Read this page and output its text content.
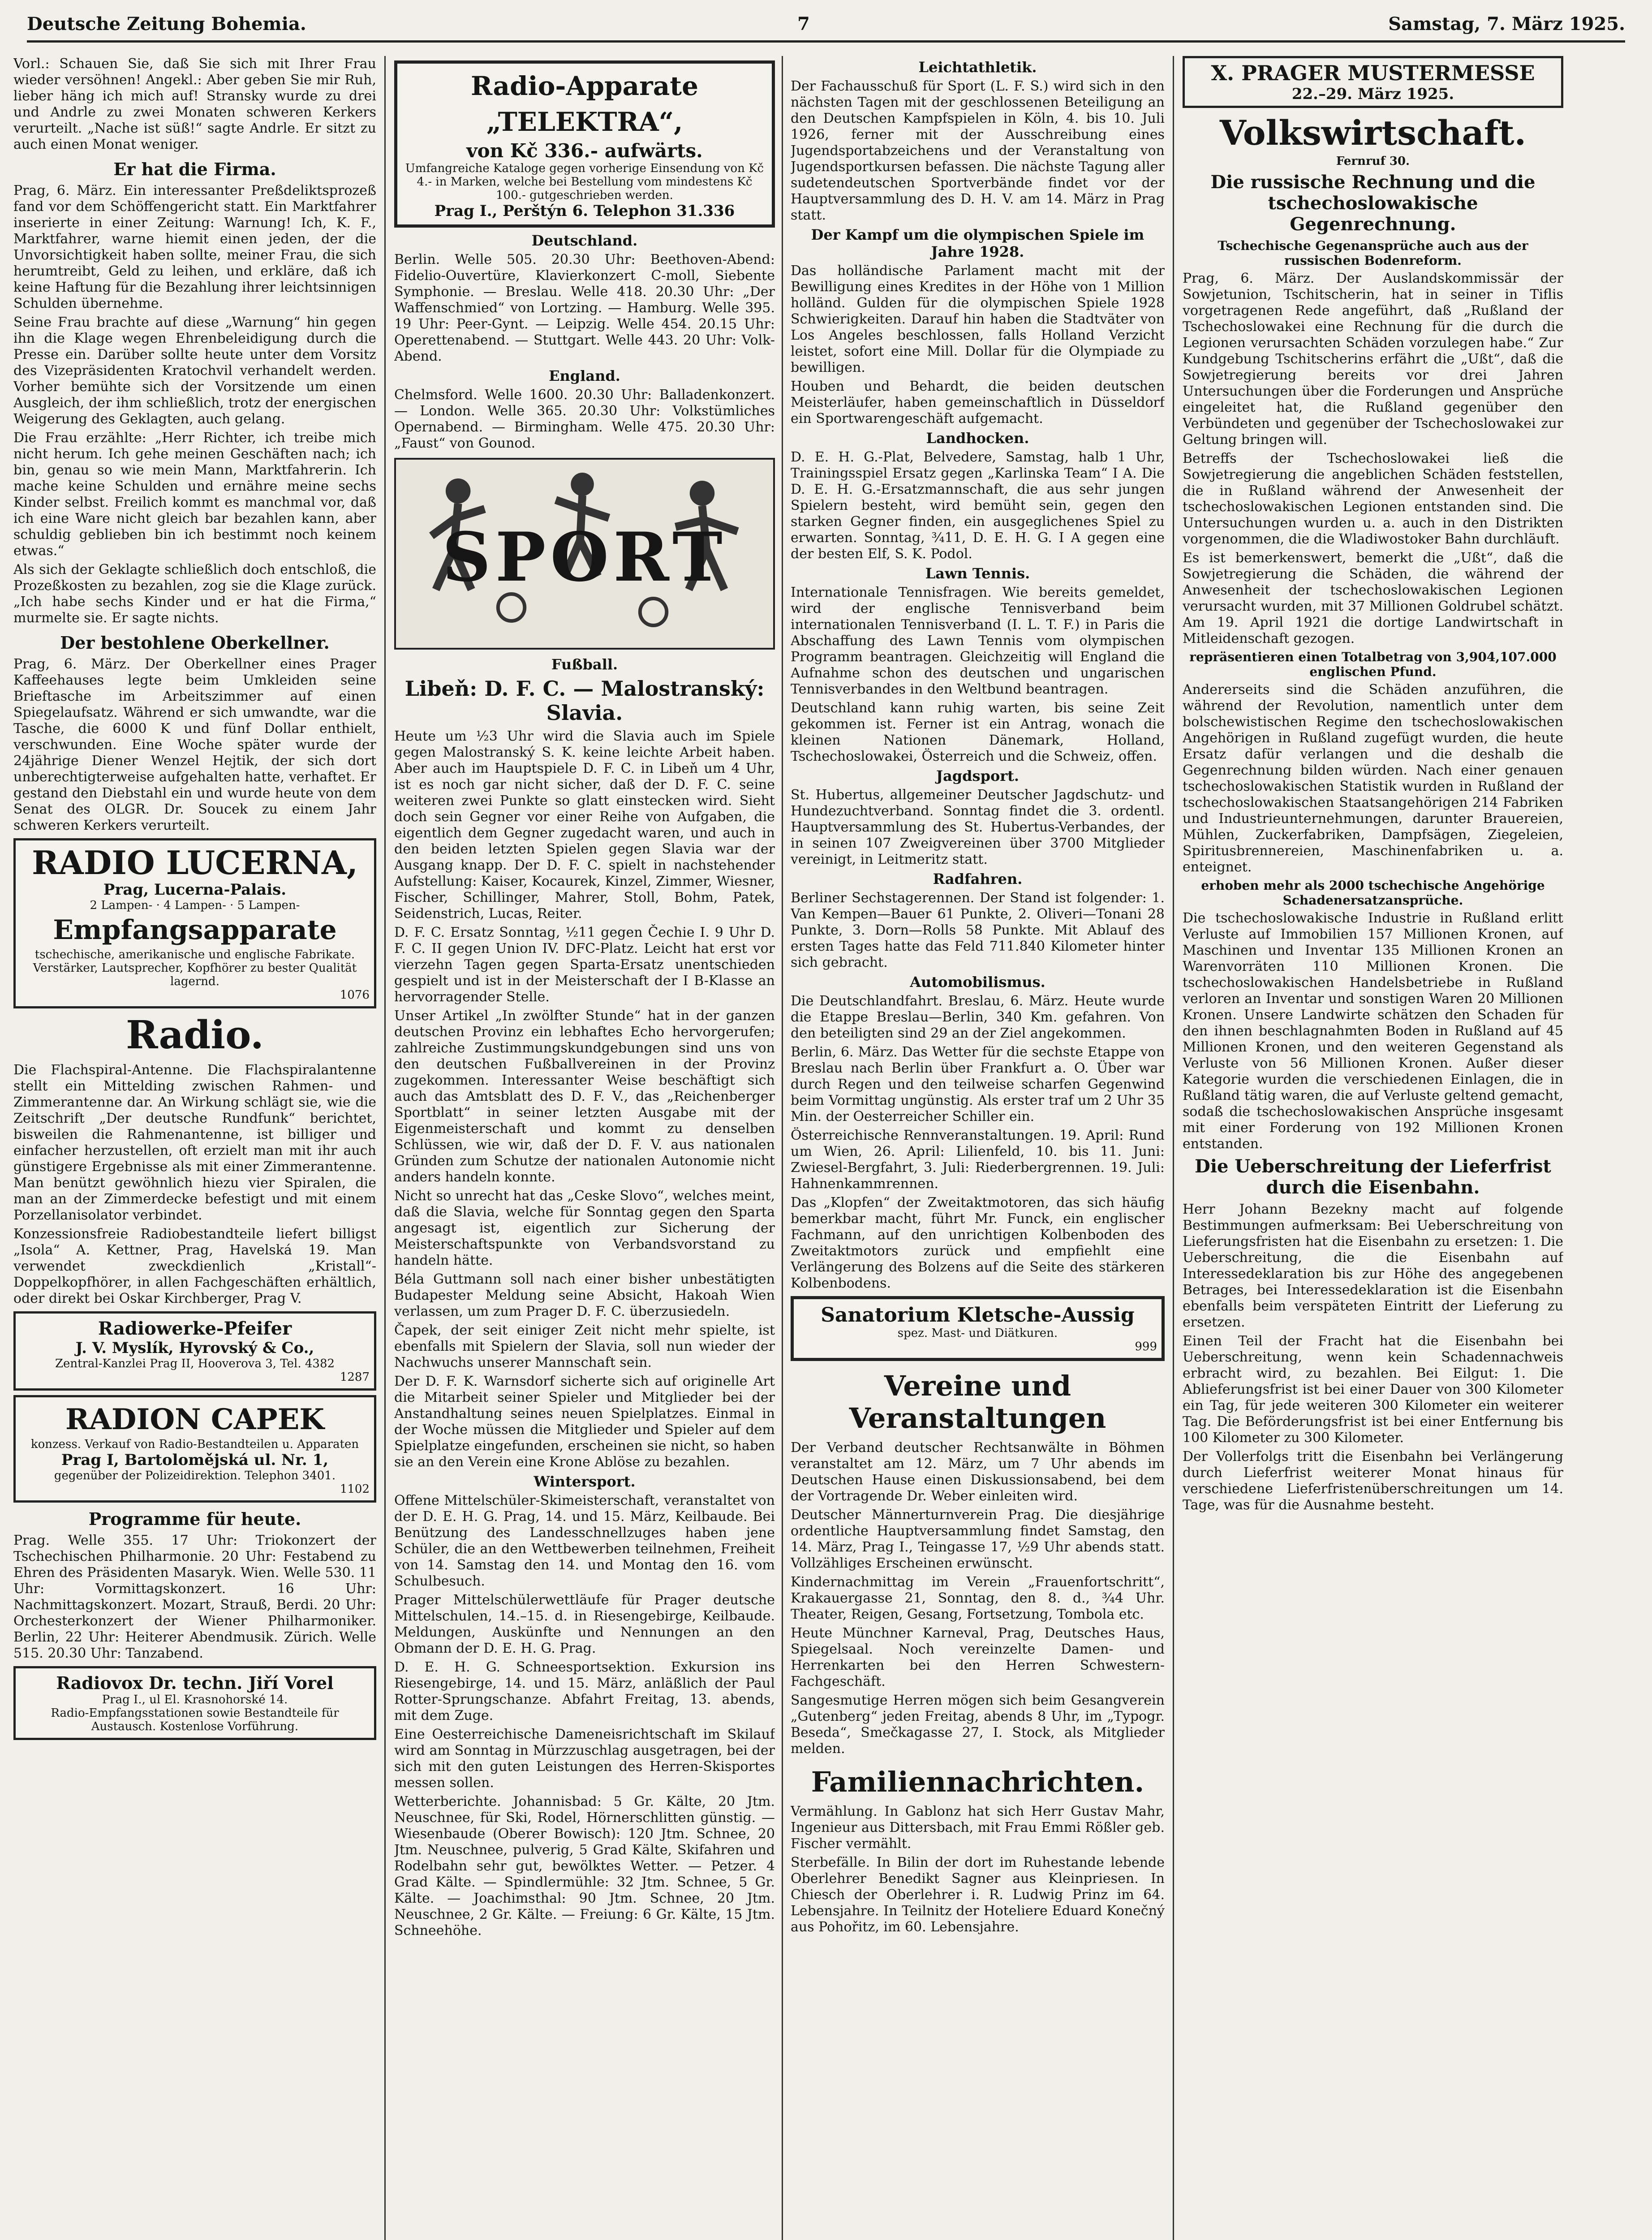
Deutsche Zeitung Bohemia.	7	Samstag, 7. März 1925.

Vorl.: Schauen Sie, daß Sie sich mit Ihrer Frau wieder versöhnen! Angekl.: Aber geben Sie mir Ruh, lieber häng ich mich auf! Stransky wurde zu drei und Andrle zu zwei Monaten schweren Kerkers verurteilt. „Nache ist süß!“ sagte Andrle. Er sitzt zu auch einen Monat weniger.

Er hat die Firma.

Prag, 6. März. Ein interessanter Preßdeliktsprozeß fand vor dem Schöffengericht statt. Ein Marktfahrer inserierte in einer Zeitung: Warnung! Ich, K. F., Marktfahrer, warne hiemit einen jeden, der die Unvorsichtigkeit haben sollte, meiner Frau, die sich herumtreibt, Geld zu leihen, und erkläre, daß ich keine Haftung für die Bezahlung ihrer leichtsinnigen Schulden übernehme.

Seine Frau brachte auf diese „Warnung“ hin gegen ihn die Klage wegen Ehrenbeleidigung durch die Presse ein. Darüber sollte heute unter dem Vorsitz des Vizepräsidenten Kratochvil verhandelt werden. Vorher bemühte sich der Vorsitzende um einen Ausgleich, der ihm schließlich, trotz der energischen Weigerung des Geklagten, auch gelang.

Die Frau erzählte: „Herr Richter, ich treibe mich nicht herum. Ich gehe meinen Geschäften nach; ich bin, genau so wie mein Mann, Marktfahrerin. Ich mache keine Schulden und ernähre meine sechs Kinder selbst. Freilich kommt es manchmal vor, daß ich eine Ware nicht gleich bar bezahlen kann, aber schuldig geblieben bin ich bestimmt noch keinem etwas.“

Als sich der Geklagte schließlich doch entschloß, die Prozeßkosten zu bezahlen, zog sie die Klage zurück. „Ich habe sechs Kinder und er hat die Firma,“ murmelte sie. Er sagte nichts.

Der bestohlene Oberkellner.

Prag, 6. März. Der Oberkellner eines Prager Kaffeehauses legte beim Umkleiden seine Brieftasche im Arbeitszimmer auf einen Spiegelaufsatz. Während er sich umwandte, war die Tasche, die 6000 K und fünf Dollar enthielt, verschwunden. Eine Woche später wurde der 24jährige Diener Wenzel Hejtik, der sich dort unberechtigterweise aufgehalten hatte, verhaftet. Er gestand den Diebstahl ein und wurde heute von dem Senat des OLGR. Dr. Soucek zu einem Jahr schweren Kerkers verurteilt.

RADIO LUCERNA,
Prag, Lucerna-Palais.
2 Lampen- · 4 Lampen- · 5 Lampen-
Empfangsapparate
tschechische, amerikanische und englische Fabrikate. Verstärker, Lautsprecher, Kopfhörer zu bester Qualität lagernd.
1076
Radio.

Die Flachspiral-Antenne. Die Flachspiralantenne stellt ein Mittelding zwischen Rahmen- und Zimmerantenne dar. An Wirkung schlägt sie, wie die Zeitschrift „Der deutsche Rundfunk“ berichtet, bisweilen die Rahmenantenne, ist billiger und einfacher herzustellen, oft erzielt man mit ihr auch günstigere Ergebnisse als mit einer Zimmerantenne. Man benützt gewöhnlich hiezu vier Spiralen, die man an der Zimmerdecke befestigt und mit einem Porzellanisolator verbindet.

Konzessionsfreie Radiobestandteile liefert billigst „Isola“ A. Kettner, Prag, Havelská 19. Man verwendet zweckdienlich „Kristall“-Doppelkopfhörer, in allen Fachgeschäften erhältlich, oder direkt bei Oskar Kirchberger, Prag V.

Radiowerke-Pfeifer
J. V. Myslík, Hyrovský & Co.,
Zentral-Kanzlei Prag II, Hooverova 3, Tel. 4382
1287
RADION CAPEK
konzess. Verkauf von Radio-Bestandteilen u. Apparaten
Prag I, Bartolomějská ul. Nr. 1,
gegenüber der Polizeidirektion. Telephon 3401.
1102
Programme für heute.

Prag. Welle 355. 17 Uhr: Triokonzert der Tschechischen Philharmonie. 20 Uhr: Festabend zu Ehren des Präsidenten Masaryk. Wien. Welle 530. 11 Uhr: Vormittagskonzert. 16 Uhr: Nachmittagskonzert. Mozart, Strauß, Berdi. 20 Uhr: Orchesterkonzert der Wiener Philharmoniker. Berlin, 22 Uhr: Heiterer Abendmusik. Zürich. Welle 515. 20.30 Uhr: Tanzabend.

Radiovox Dr. techn. Jiří Vorel
Prag I., ul El. Krasnohorské 14.
Radio-Empfangsstationen sowie Bestandteile für Austausch. Kostenlose Vorführung.
Radio-Apparate „TELEKTRA“,
von Kč 336.- aufwärts.
Umfangreiche Kataloge gegen vorherige Einsendung von Kč 4.- in Marken, welche bei Bestellung vom mindestens Kč 100.- gutgeschrieben werden.
Prag I., Perštýn 6. Telephon 31.336
Deutschland.

Berlin. Welle 505. 20.30 Uhr: Beethoven-Abend: Fidelio-Ouvertüre, Klavierkonzert C-moll, Siebente Symphonie. — Breslau. Welle 418. 20.30 Uhr: „Der Waffenschmied“ von Lortzing. — Hamburg. Welle 395. 19 Uhr: Peer-Gynt. — Leipzig. Welle 454. 20.15 Uhr: Operettenabend. — Stuttgart. Welle 443. 20 Uhr: Volk-Abend.

England.

Chelmsford. Welle 1600. 20.30 Uhr: Balladenkonzert. — London. Welle 365. 20.30 Uhr: Volkstümliches Opernabend. — Birmingham. Welle 475. 20.30 Uhr: „Faust“ von Gounod.

SPORT
Fußball.
Libeň: D. F. C. — Malostranský: Slavia.

Heute um ½3 Uhr wird die Slavia auch im Spiele gegen Malostranský S. K. keine leichte Arbeit haben. Aber auch im Hauptspiele D. F. C. in Libeň um 4 Uhr, ist es noch gar nicht sicher, daß der D. F. C. seine weiteren zwei Punkte so glatt einstecken wird. Sieht doch sein Gegner vor einer Reihe von Aufgaben, die eigentlich dem Gegner zugedacht waren, und auch in den beiden letzten Spielen gegen Slavia war der Ausgang knapp. Der D. F. C. spielt in nachstehender Aufstellung: Kaiser, Kocaurek, Kinzel, Zimmer, Wiesner, Fischer, Schillinger, Mahrer, Stoll, Bohm, Patek, Seidenstrich, Lucas, Reiter.

D. F. C. Ersatz Sonntag, ½11 gegen Čechie I. 9 Uhr D. F. C. II gegen Union IV. DFC-Platz. Leicht hat erst vor vierzehn Tagen gegen Sparta-Ersatz unentschieden gespielt und ist in der Meisterschaft der I B-Klasse an hervorragender Stelle.

Unser Artikel „In zwölfter Stunde“ hat in der ganzen deutschen Provinz ein lebhaftes Echo hervorgerufen; zahlreiche Zustimmungskundgebungen sind uns von den deutschen Fußballvereinen in der Provinz zugekommen. Interessanter Weise beschäftigt sich auch das Amtsblatt des D. F. V., das „Reichenberger Sportblatt“ in seiner letzten Ausgabe mit der Eigenmeisterschaft und kommt zu denselben Schlüssen, wie wir, daß der D. F. V. aus nationalen Gründen zum Schutze der nationalen Autonomie nicht anders handeln konnte.

Nicht so unrecht hat das „Ceske Slovo“, welches meint, daß die Slavia, welche für Sonntag gegen den Sparta angesagt ist, eigentlich zur Sicherung der Meisterschaftspunkte von Verbandsvorstand zu handeln hätte.

Béla Guttmann soll nach einer bisher unbestätigten Budapester Meldung seine Absicht, Hakoah Wien verlassen, um zum Prager D. F. C. überzusiedeln.

Čapek, der seit einiger Zeit nicht mehr spielte, ist ebenfalls mit Spielern der Slavia, soll nun wieder der Nachwuchs unserer Mannschaft sein.

Der D. F. K. Warnsdorf sicherte sich auf originelle Art die Mitarbeit seiner Spieler und Mitglieder bei der Anstandhaltung seines neuen Spielplatzes. Einmal in der Woche müssen die Mitglieder und Spieler auf dem Spielplatze eingefunden, erscheinen sie nicht, so haben sie an den Verein eine Krone Ablöse zu bezahlen.

Wintersport.

Offene Mittelschüler-Skimeisterschaft, veranstaltet von der D. E. H. G. Prag, 14. und 15. März, Keilbaude. Bei Benützung des Landesschnellzuges haben jene Schüler, die an den Wettbewerben teilnehmen, Freiheit von 14. Samstag den 14. und Montag den 16. vom Schulbesuch.

Prager Mittelschülerwettläufe für Prager deutsche Mittelschulen, 14.–15. d. in Riesengebirge, Keilbaude. Meldungen, Auskünfte und Nennungen an den Obmann der D. E. H. G. Prag.

D. E. H. G. Schneesportsektion. Exkursion ins Riesengebirge, 14. und 15. März, anläßlich der Paul Rotter-Sprungschanze. Abfahrt Freitag, 13. abends, mit dem Zuge.

Eine Oesterreichische Dameneisrichtschaft im Skilauf wird am Sonntag in Mürzzuschlag ausgetragen, bei der sich mit den guten Leistungen des Herren-Skisportes messen sollen.

Wetterberichte. Johannisbad: 5 Gr. Kälte, 20 Jtm. Neuschnee, für Ski, Rodel, Hörnerschlitten günstig. — Wiesenbaude (Oberer Bowisch): 120 Jtm. Schnee, 20 Jtm. Neuschnee, pulverig, 5 Grad Kälte, Skifahren und Rodelbahn sehr gut, bewölktes Wetter. — Petzer. 4 Grad Kälte. — Spindlermühle: 32 Jtm. Schnee, 5 Gr. Kälte. — Joachimsthal: 90 Jtm. Schnee, 20 Jtm. Neuschnee, 2 Gr. Kälte. — Freiung: 6 Gr. Kälte, 15 Jtm. Schneehöhe.

Leichtathletik.

Der Fachausschuß für Sport (L. F. S.) wird sich in den nächsten Tagen mit der geschlossenen Beteiligung an den Deutschen Kampfspielen in Köln, 4. bis 10. Juli 1926, ferner mit der Ausschreibung eines Jugendsportabzeichens und der Veranstaltung von Jugendsportkursen befassen. Die nächste Tagung aller sudetendeutschen Sportverbände findet vor der Hauptversammlung des D. H. V. am 14. März in Prag statt.

Der Kampf um die olympischen Spiele im Jahre 1928.

Das holländische Parlament macht mit der Bewilligung eines Kredites in der Höhe von 1 Million holländ. Gulden für die olympischen Spiele 1928 Schwierigkeiten. Darauf hin haben die Stadtväter von Los Angeles beschlossen, falls Holland Verzicht leistet, sofort eine Mill. Dollar für die Olympiade zu bewilligen.

Houben und Behardt, die beiden deutschen Meisterläufer, haben gemeinschaftlich in Düsseldorf ein Sportwarengeschäft aufgemacht.

Landhocken.

D. E. H. G.-Plat, Belvedere, Samstag, halb 1 Uhr, Trainingsspiel Ersatz gegen „Karlinska Team“ I A. Die D. E. H. G.-Ersatzmannschaft, die aus sehr jungen Spielern besteht, wird bemüht sein, gegen den starken Gegner finden, ein ausgeglichenes Spiel zu erwarten. Sonntag, ¾11, D. E. H. G. I A gegen eine der besten Elf, S. K. Podol.

Lawn Tennis.

Internationale Tennisfragen. Wie bereits gemeldet, wird der englische Tennisverband beim internationalen Tennisverband (I. L. T. F.) in Paris die Abschaffung des Lawn Tennis vom olympischen Programm beantragen. Gleichzeitig will England die Aufnahme schon des deutschen und ungarischen Tennisverbandes in den Weltbund beantragen.

Deutschland kann ruhig warten, bis seine Zeit gekommen ist. Ferner ist ein Antrag, wonach die kleinen Nationen Dänemark, Holland, Tschechoslowakei, Österreich und die Schweiz, offen.

Jagdsport.

St. Hubertus, allgemeiner Deutscher Jagdschutz- und Hundezuchtverband. Sonntag findet die 3. ordentl. Hauptversammlung des St. Hubertus-Verbandes, der in seinen 107 Zweigvereinen über 3700 Mitglieder vereinigt, in Leitmeritz statt.

Radfahren.

Berliner Sechstagerennen. Der Stand ist folgender: 1. Van Kempen—Bauer 61 Punkte, 2. Oliveri—Tonani 28 Punkte, 3. Dorn—Rolls 58 Punkte. Mit Ablauf des ersten Tages hatte das Feld 711.840 Kilometer hinter sich gebracht.

Automobilismus.

Die Deutschlandfahrt. Breslau, 6. März. Heute wurde die Etappe Breslau—Berlin, 340 Km. gefahren. Von den beteiligten sind 29 an der Ziel angekommen.

Berlin, 6. März. Das Wetter für die sechste Etappe von Breslau nach Berlin über Frankfurt a. O. Über war durch Regen und den teilweise scharfen Gegenwind beim Vormittag ungünstig. Als erster traf um 2 Uhr 35 Min. der Oesterreicher Schiller ein.

Österreichische Rennveranstaltungen. 19. April: Rund um Wien, 26. April: Lilienfeld, 10. bis 11. Juni: Zwiesel-Bergfahrt, 3. Juli: Riederbergrennen. 19. Juli: Hahnenkammrennen.

Das „Klopfen“ der Zweitaktmotoren, das sich häufig bemerkbar macht, führt Mr. Funck, ein englischer Fachmann, auf den unrichtigen Kolbenboden des Zweitaktmotors zurück und empfiehlt eine Verlängerung des Bolzens auf die Seite des stärkeren Kolbenbodens.

Sanatorium Kletsche-Aussig
spez. Mast- und Diätkuren.
999
Vereine und Veranstaltungen

Der Verband deutscher Rechtsanwälte in Böhmen veranstaltet am 12. März, um 7 Uhr abends im Deutschen Hause einen Diskussionsabend, bei dem der Vortragende Dr. Weber einleiten wird.

Deutscher Männerturnverein Prag. Die diesjährige ordentliche Hauptversammlung findet Samstag, den 14. März, Prag I., Teingasse 17, ½9 Uhr abends statt. Vollzähliges Erscheinen erwünscht.

Kindernachmittag im Verein „Frauenfortschritt“, Krakauergasse 21, Sonntag, den 8. d., ¾4 Uhr. Theater, Reigen, Gesang, Fortsetzung, Tombola etc.

Heute Münchner Karneval, Prag, Deutsches Haus, Spiegelsaal. Noch vereinzelte Damen- und Herrenkarten bei den Herren Schwestern-Fachgeschäft.

Sangesmutige Herren mögen sich beim Gesangverein „Gutenberg“ jeden Freitag, abends 8 Uhr, im „Typogr. Beseda“, Smečkagasse 27, I. Stock, als Mitglieder melden.

Familiennachrichten.

Vermählung. In Gablonz hat sich Herr Gustav Mahr, Ingenieur aus Dittersbach, mit Frau Emmi Rößler geb. Fischer vermählt.

Sterbefälle. In Bilin der dort im Ruhestande lebende Oberlehrer Benedikt Sagner aus Kleinpriesen. In Chiesch der Oberlehrer i. R. Ludwig Prinz im 64. Lebensjahre. In Teilnitz der Hoteliere Eduard Konečný aus Pohořitz, im 60. Lebensjahre.

X. PRAGER MUSTERMESSE
22.–29. März 1925.
Volkswirtschaft.
Fernruf 30.
Die russische Rechnung und die tschechoslowakische Gegenrechnung.
Tschechische Gegenansprüche auch aus der russischen Bodenreform.

Prag, 6. März. Der Auslandskommissär der Sowjetunion, Tschitscherin, hat in seiner in Tiflis vorgetragenen Rede angeführt, daß „Rußland der Tschechoslowakei eine Rechnung für die durch die Legionen verursachten Schäden vorzulegen habe.“ Zur Kundgebung Tschitscherins erfährt die „Ußt“, daß die Sowjetregierung bereits vor drei Jahren Untersuchungen über die Forderungen und Ansprüche eingeleitet hat, die Rußland gegenüber den Verbündeten und gegenüber der Tschechoslowakei zur Geltung bringen will.

Betreffs der Tschechoslowakei ließ die Sowjetregierung die angeblichen Schäden feststellen, die in Rußland während der Anwesenheit der tschechoslowakischen Legionen entstanden sind. Die Untersuchungen wurden u. a. auch in den Distrikten vorgenommen, die die Wladiwostoker Bahn durchläuft.

Es ist bemerkenswert, bemerkt die „Ußt“, daß die Sowjetregierung die Schäden, die während der Anwesenheit der tschechoslowakischen Legionen verursacht wurden, mit 37 Millionen Goldrubel schätzt. Am 19. April 1921 die dortige Landwirtschaft in Mitleidenschaft gezogen.

repräsentieren einen Totalbetrag von 3,904,107.000 englischen Pfund.

Andererseits sind die Schäden anzuführen, die während der Revolution, namentlich unter dem bolschewistischen Regime den tschechoslowakischen Angehörigen in Rußland zugefügt wurden, die heute Ersatz dafür verlangen und die deshalb die Gegenrechnung bilden würden. Nach einer genauen tschechoslowakischen Statistik wurden in Rußland der tschechoslowakischen Staatsangehörigen 214 Fabriken und Industrieunternehmungen, darunter Brauereien, Mühlen, Zuckerfabriken, Dampfsägen, Ziegeleien, Spiritusbrennereien, Maschinenfabriken u. a. enteignet.

erhoben mehr als 2000 tschechische Angehörige Schadenersatzansprüche.

Die tschechoslowakische Industrie in Rußland erlitt Verluste auf Immobilien 157 Millionen Kronen, auf Maschinen und Inventar 135 Millionen Kronen an Warenvorräten 110 Millionen Kronen. Die tschechoslowakischen Handelsbetriebe in Rußland verloren an Inventar und sonstigen Waren 20 Millionen Kronen. Unsere Landwirte schätzen den Schaden für den ihnen beschlagnahmten Boden in Rußland auf 45 Millionen Kronen, und den weiteren Gegenstand als Verluste von 56 Millionen Kronen. Außer dieser Kategorie wurden die verschiedenen Einlagen, die in Rußland tätig waren, die auf Verluste geltend gemacht, sodaß die tschechoslowakischen Ansprüche insgesamt mit einer Forderung von 192 Millionen Kronen entstanden.

Die Ueberschreitung der Lieferfrist durch die Eisenbahn.

Herr Johann Bezekny macht auf folgende Bestimmungen aufmerksam: Bei Ueberschreitung von Lieferungsfristen hat die Eisenbahn zu ersetzen: 1. Die Ueberschreitung, die die Eisenbahn auf Interessedeklaration bis zur Höhe des angegebenen Betrages, bei Interessedeklaration ist die Eisenbahn ebenfalls beim verspäteten Eintritt der Lieferung zu ersetzen.

Einen Teil der Fracht hat die Eisenbahn bei Ueberschreitung, wenn kein Schadennachweis erbracht wird, zu bezahlen. Bei Eilgut: 1. Die Ablieferungsfrist ist bei einer Dauer von 300 Kilometer ein Tag, für jede weiteren 300 Kilometer ein weiterer Tag. Die Beförderungsfrist ist bei einer Entfernung bis 100 Kilometer zu 300 Kilometer.

Der Vollerfolgs tritt die Eisenbahn bei Verlängerung durch Lieferfrist weiterer Monat hinaus für verschiedene Lieferfristenüberschreitungen um 14. Tage, was für die Ausnahme besteht.
